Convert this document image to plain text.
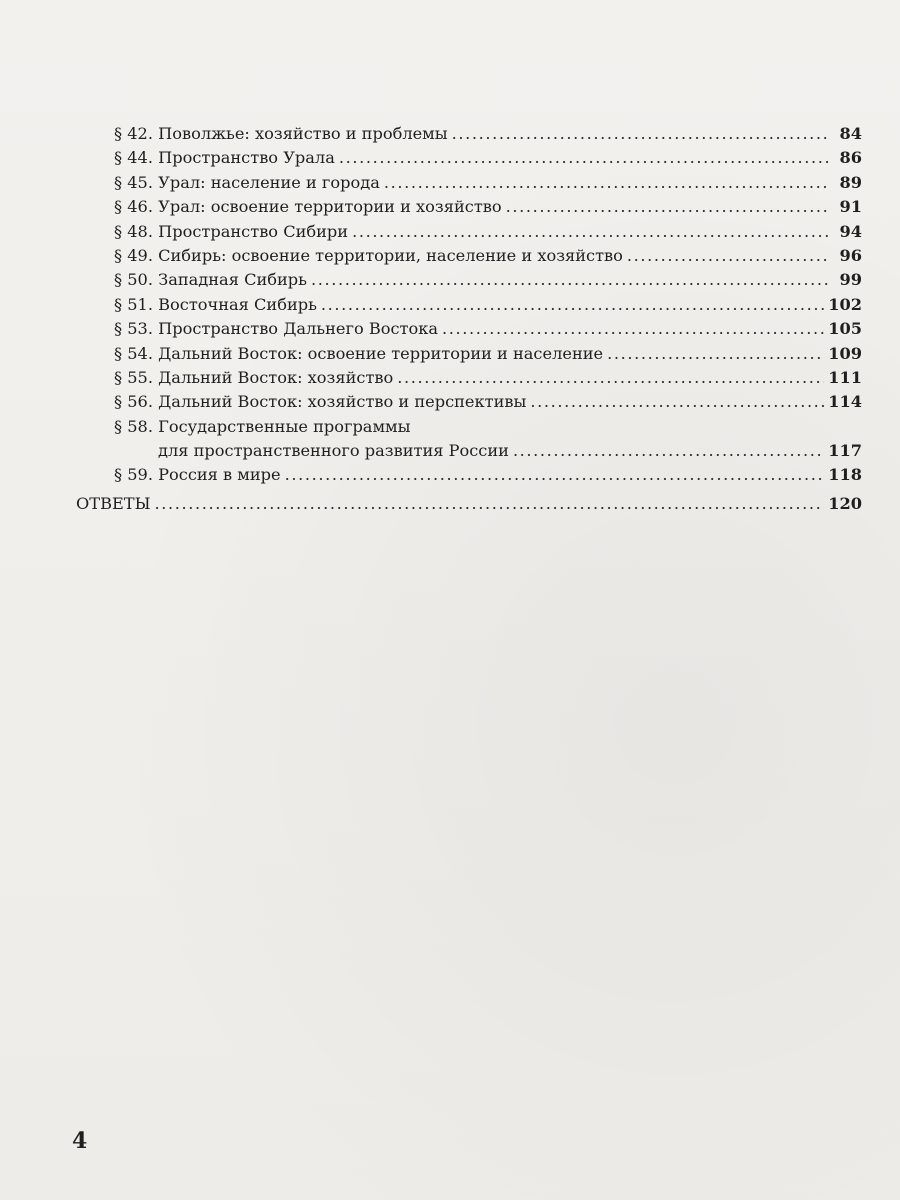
§ 42. Поволжье: хозяйство и проблемы .....	84
§ 44. Пространство Урала .....	86
§ 45. Урал: население и города .....	89
§ 46. Урал: освоение территории и хозяйство .....	91
§ 48. Пространство Сибири .....	94
§ 49. Сибирь: освоение территории, население и хозяйство .....	96
§ 50. Западная Сибирь .....	99
§ 51. Восточная Сибирь .....	102
§ 53. Пространство Дальнего Востока .....	105
§ 54. Дальний Восток: освоение территории и население .....	109
§ 55. Дальний Восток: хозяйство .....	111
§ 56. Дальний Восток: хозяйство и перспективы .....	114
§ 58. Государственные программы
для пространственного развития России .....	117
§ 59. Россия в мире .....	118
ОТВЕТЫ .....	120
4
